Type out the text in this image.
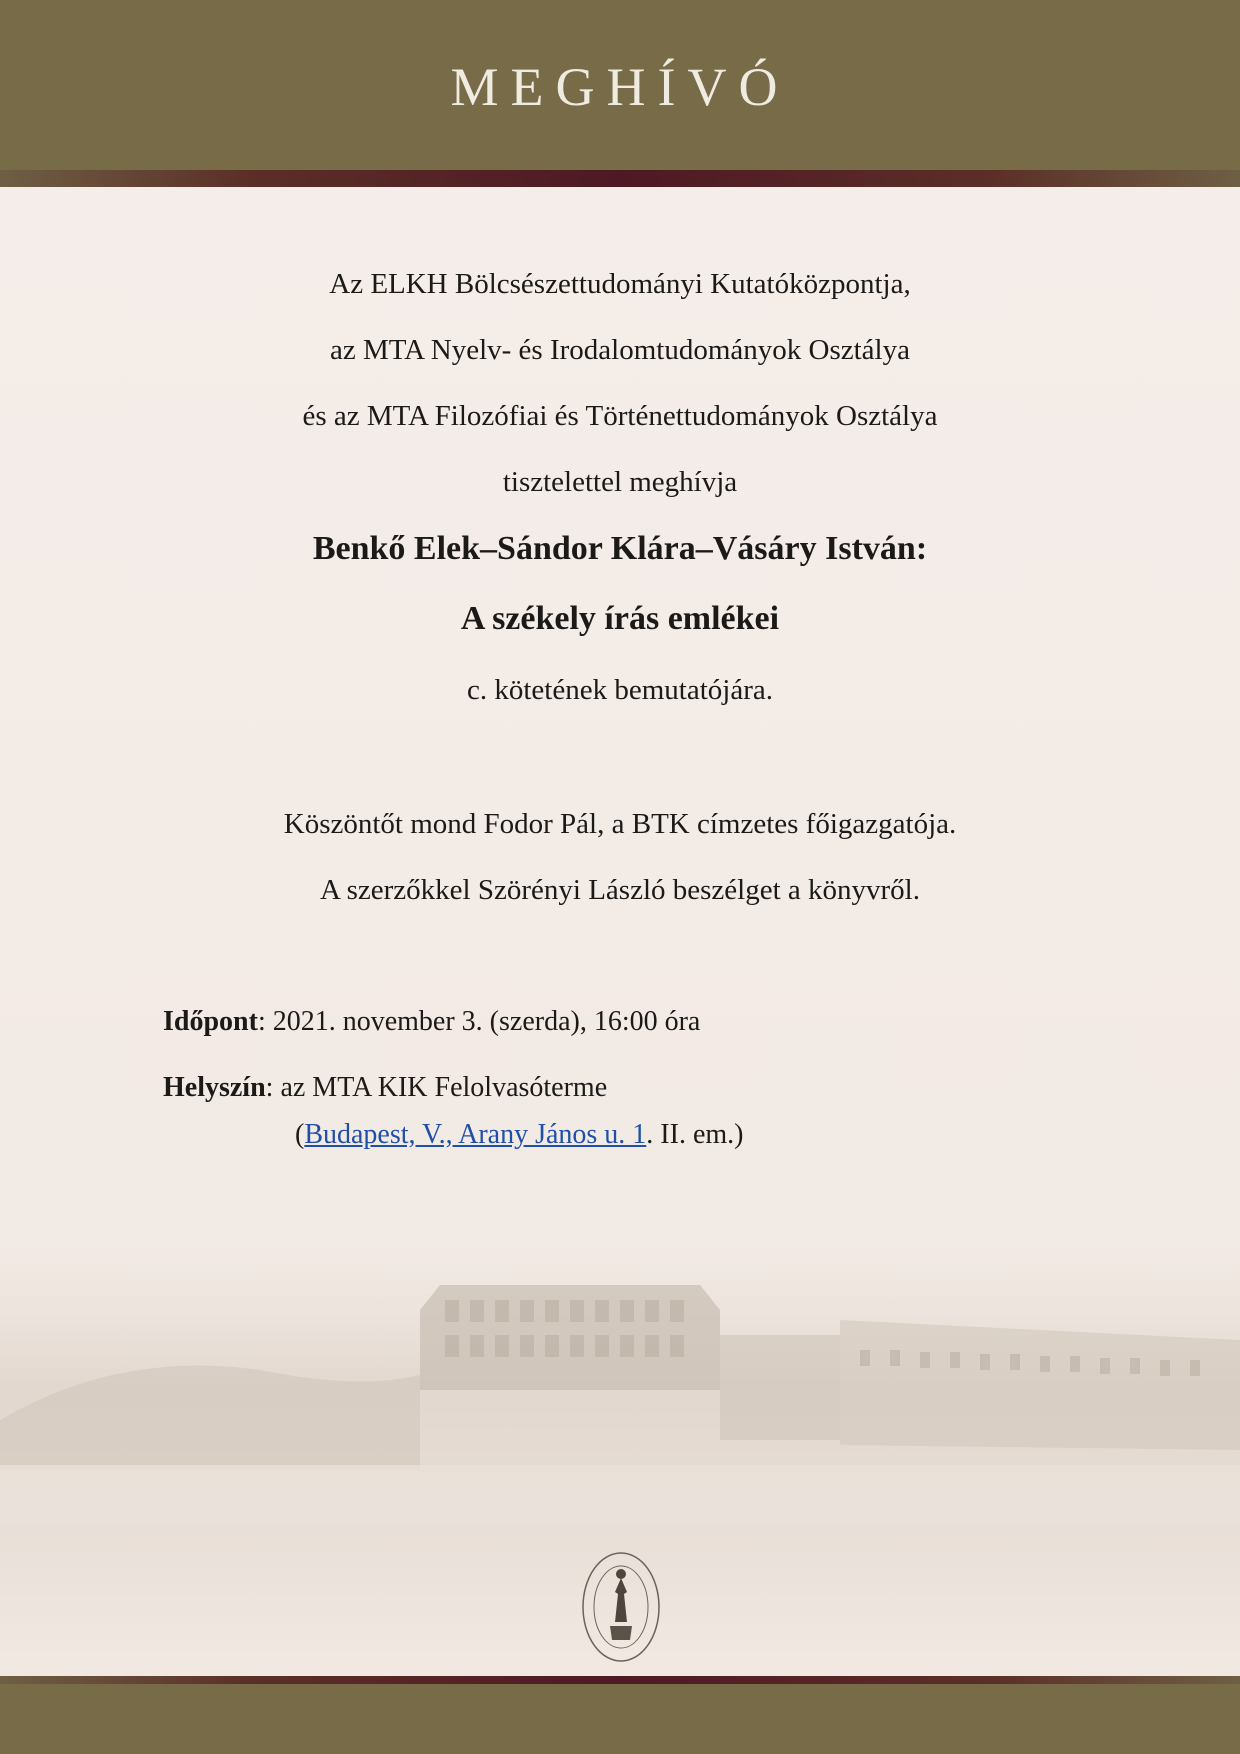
MEGHÍVÓ

Az ELKH Bölcsészettudományi Kutatóközpontja,

az MTA Nyelv- és Irodalomtudományok Osztálya

és az MTA Filozófiai és Történettudományok Osztálya

tisztelettel meghívja

Benkő Elek–Sándor Klára–Vásáry István:

A székely írás emlékei

c. kötetének bemutatójára.

Köszöntőt mond Fodor Pál, a BTK címzetes főigazgatója.

A szerzőkkel Szörényi László beszélget a könyvről.

Időpont: 2021. november 3. (szerda), 16:00 óra
Helyszín: az MTA KIK Felolvasóterme
(Budapest, V., Arany János u. 1. II. em.)
